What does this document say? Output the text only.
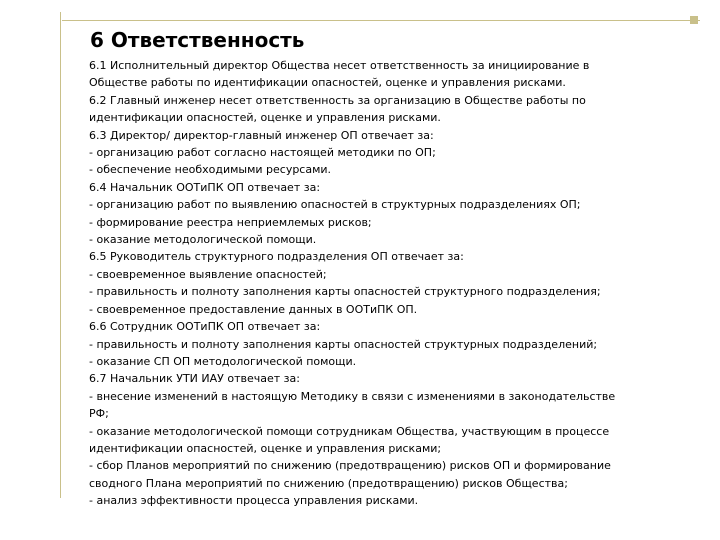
6 Ответственность
6.1 Исполнительный директор Общества несет ответственность за инициирование в
Обществе работы по идентификации опасностей, оценке и управления рисками.
6.2 Главный инженер несет ответственность за организацию в Обществе работы по
идентификации опасностей, оценке и управления рисками.
6.3 Директор/ директор-главный инженер ОП отвечает за:
- организацию работ согласно настоящей методики по ОП;
- обеспечение необходимыми ресурсами.
6.4 Начальник ООТиПК ОП отвечает за:
- организацию работ по выявлению опасностей в структурных подразделениях ОП;
- формирование реестра неприемлемых рисков;
- оказание методологической помощи.
6.5 Руководитель структурного подразделения ОП отвечает за:
- своевременное выявление опасностей;
- правильность и полноту заполнения карты опасностей структурного подразделения;
- своевременное предоставление данных в ООТиПК ОП.
6.6 Сотрудник ООТиПК ОП отвечает за:
- правильность и полноту заполнения карты опасностей структурных подразделений;
- оказание СП ОП методологической помощи.
6.7 Начальник УТИ ИАУ отвечает за:
- внесение изменений в настоящую Методику в связи с изменениями в законодательстве
РФ;
- оказание методологической помощи сотрудникам Общества, участвующим в процессе
идентификации опасностей, оценке и управления рисками;
- сбор Планов мероприятий по снижению (предотвращению) рисков ОП и формирование
сводного Плана мероприятий по снижению (предотвращению) рисков Общества;
- анализ эффективности процесса управления рисками.
